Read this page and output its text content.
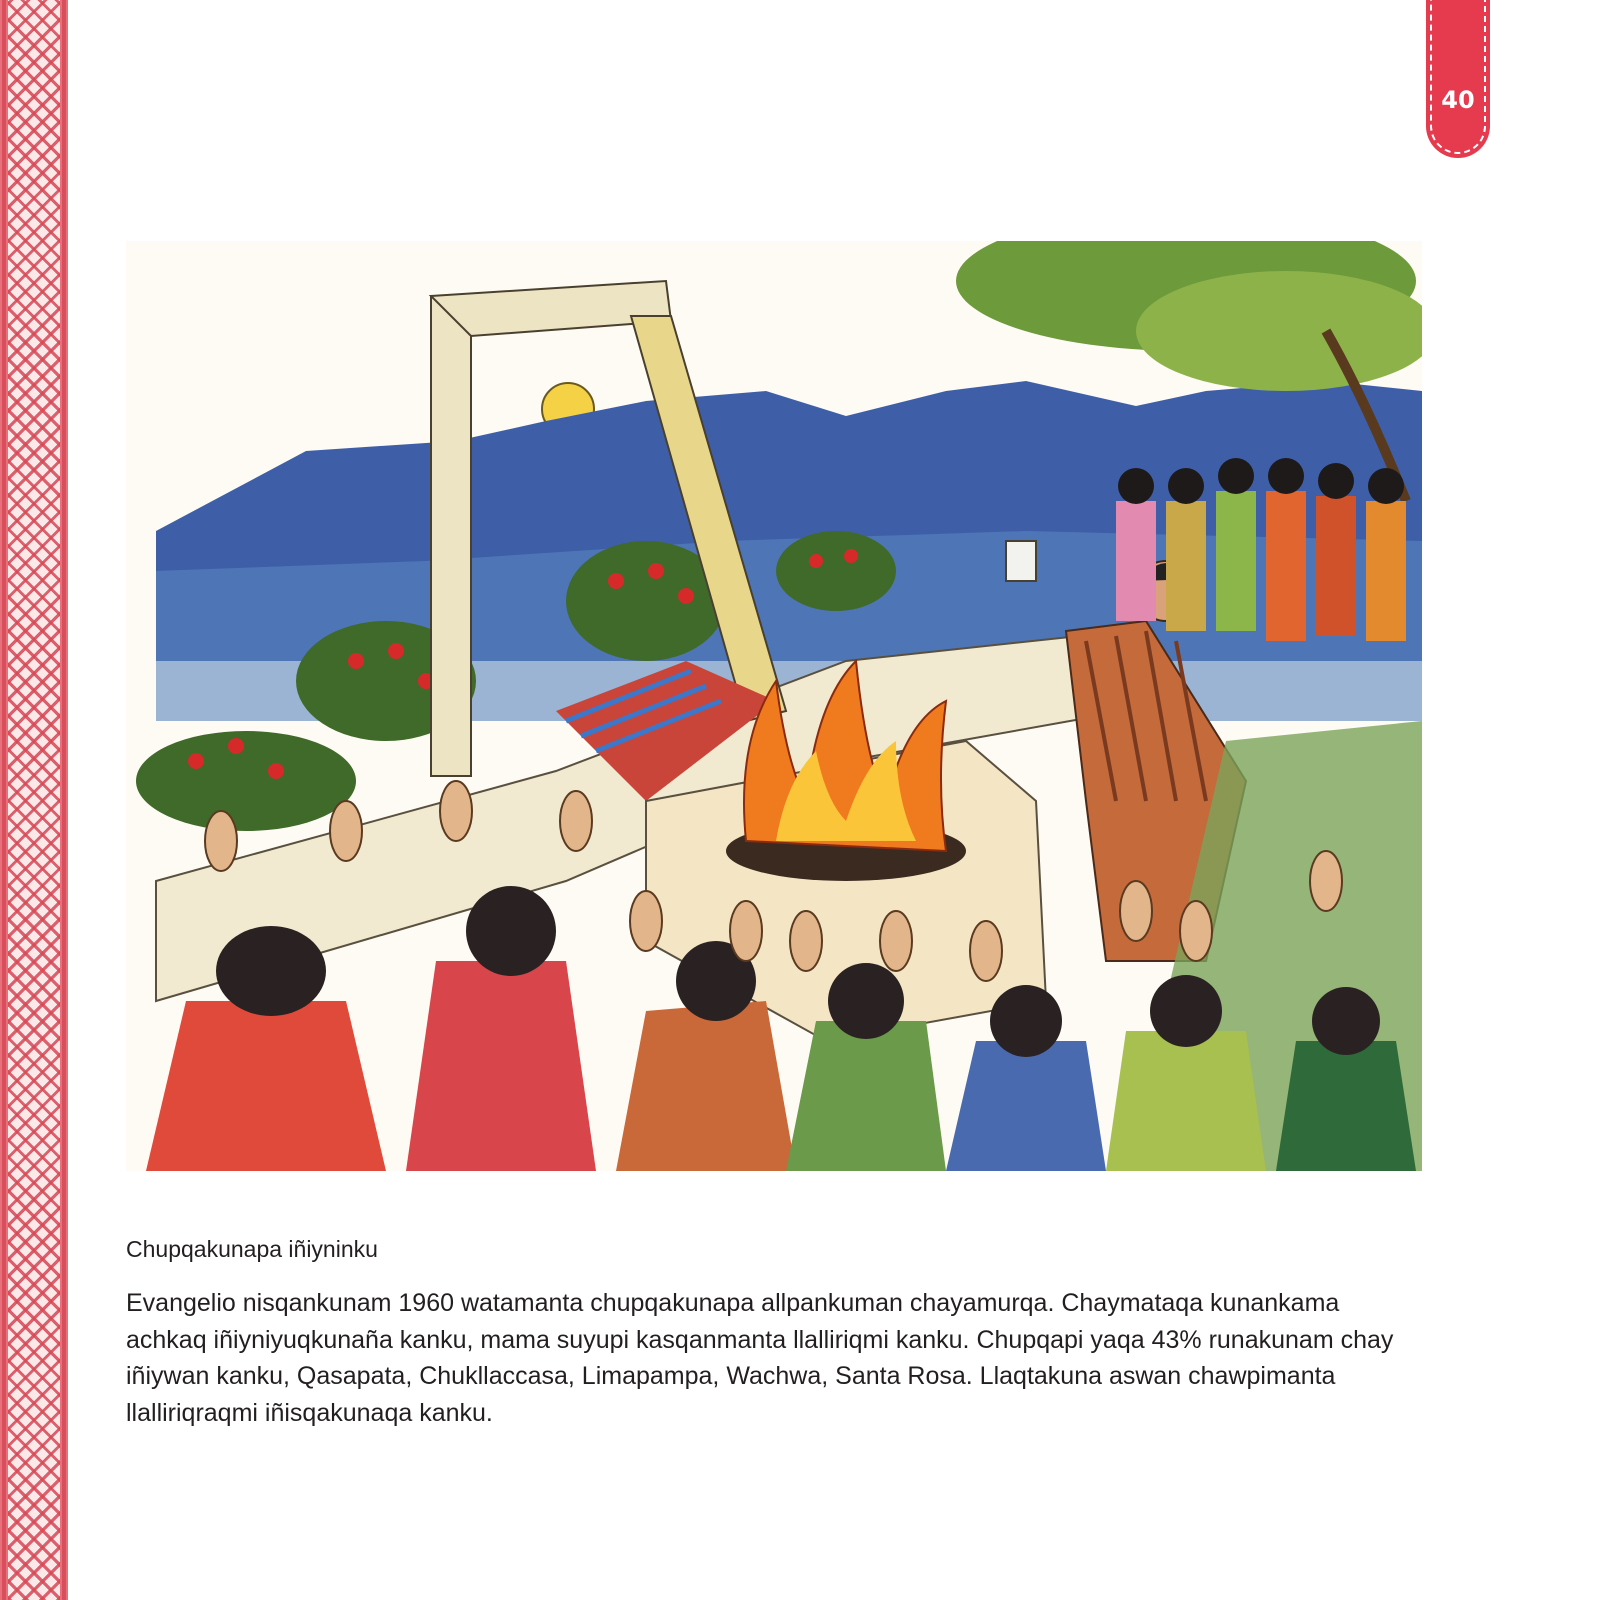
40
Chupqakunapa iñiyninku

Evangelio nisqankunam 1960 watamanta chupqakunapa allpankuman chayamurqa. Chaymataqa kunankama achkaq iñiyniyuqkunaña kanku, mama suyupi kasqanmanta llalliriqmi kanku. Chupqapi yaqa 43% runakunam chay iñiywan kanku, Qasapata, Chukllaccasa, Limapampa, Wachwa, Santa Rosa. Llaqtakuna aswan chawpimanta llalliriqraqmi iñisqakunaqa kanku.
